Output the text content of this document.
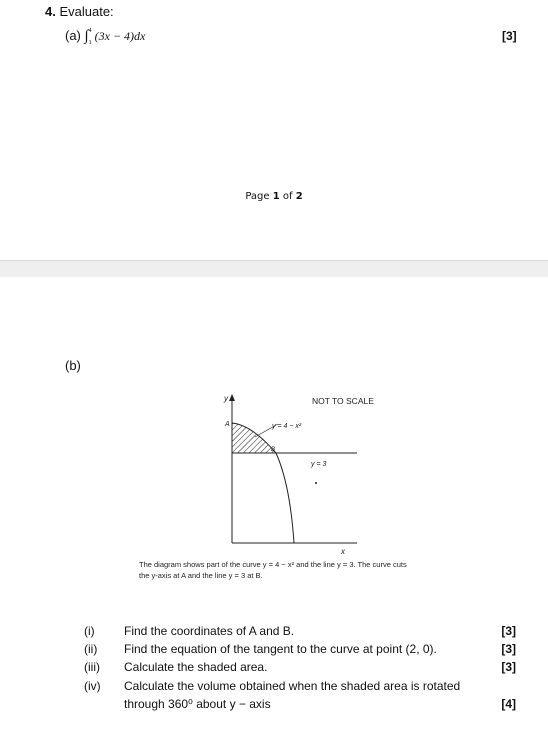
4. Evaluate:
(a) ∫$^4_1$ (3x − 4)dx	[3]
Page 1 of 2
(b)
NOT TO SCALE
y
x
A
B
y = 4 − x²
y = 3
The diagram shows part of the curve y = 4 − x² and the line y = 3. The curve cuts
the y-axis at A and the line y = 3 at B.
(i) Find the coordinates of A and B.	[3]
(ii) Find the equation of the tangent to the curve at point (2, 0).	[3]
(iii) Calculate the shaded area.	[3]
(iv) Calculate the volume obtained when the shaded area is rotated
through 360⁰ about y − axis	[4]
